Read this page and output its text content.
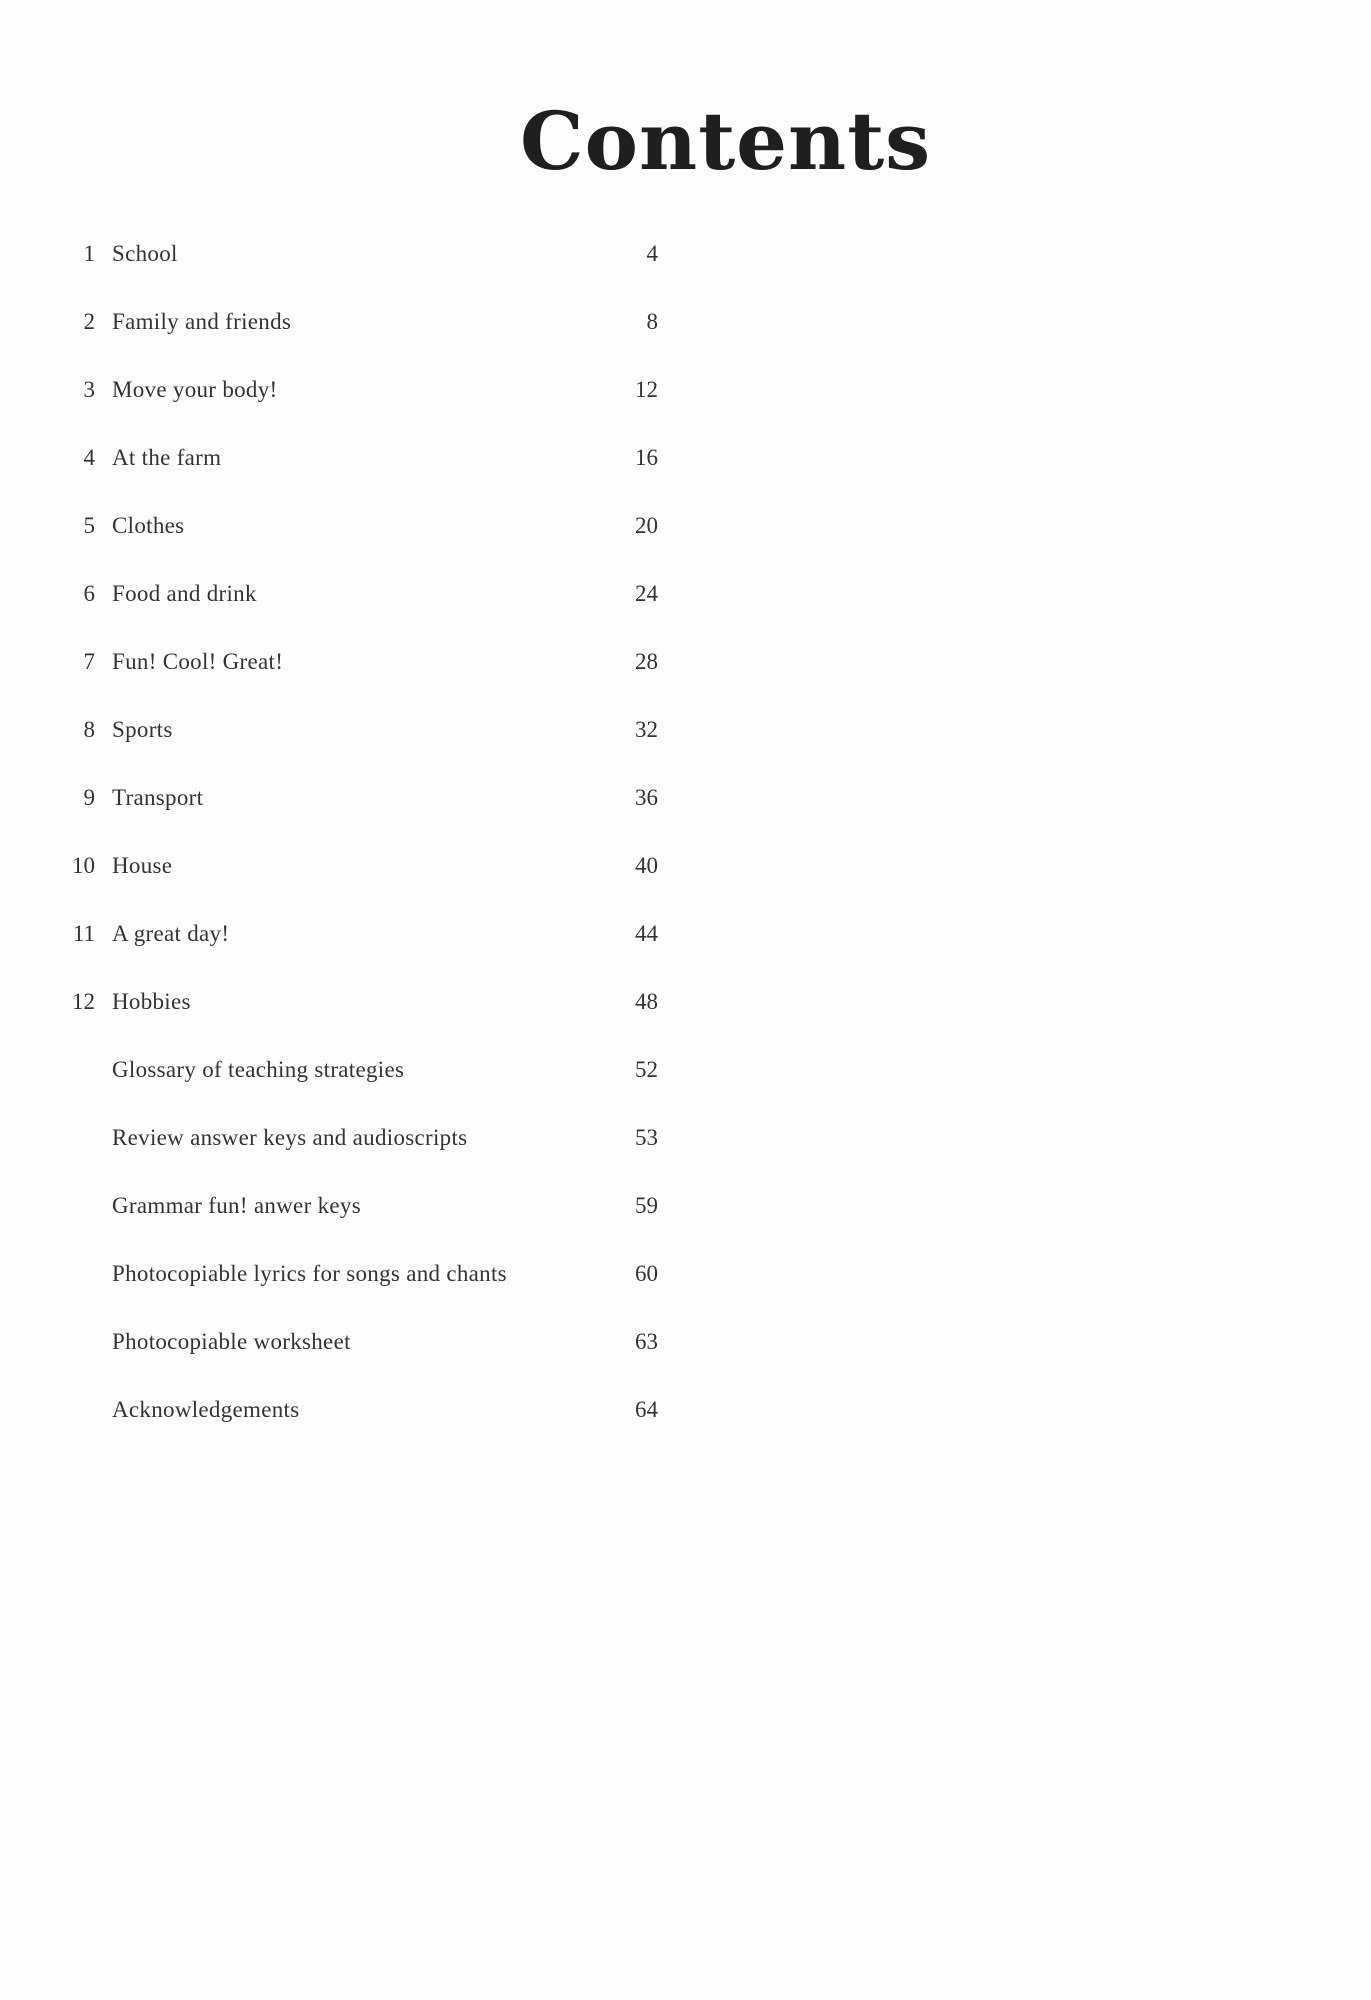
Contents
1 School	4
2 Family and friends	8
3 Move your body!	12
4 At the farm	16
5 Clothes	20
6 Food and drink	24
7 Fun! Cool! Great!	28
8 Sports	32
9 Transport	36
10 House	40
11 A great day!	44
12 Hobbies	48
Glossary of teaching strategies	52
Review answer keys and audioscripts	53
Grammar fun! anwer keys	59
Photocopiable lyrics for songs and chants	60
Photocopiable worksheet	63
Acknowledgements	64
